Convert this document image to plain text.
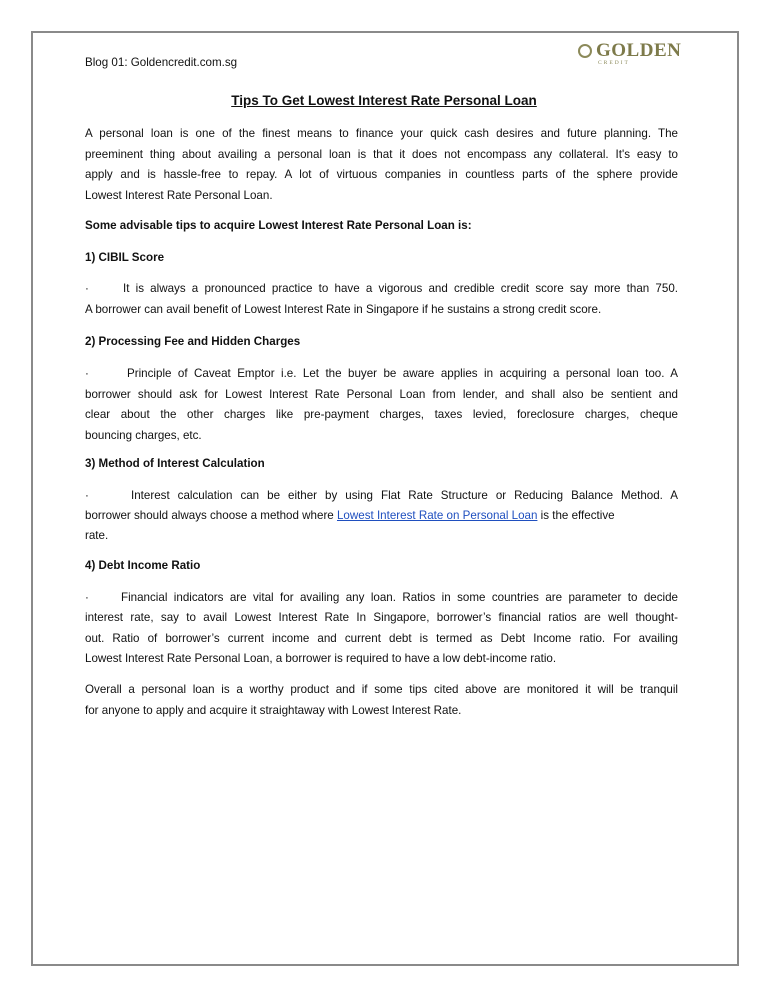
Blog 01: Goldencredit.com.sg
GOLDEN
CREDIT
Tips To Get Lowest Interest Rate Personal Loan
A personal loan is one of the finest means to finance your quick cash desires and future planning. The
preeminent thing about availing a personal loan is that it does not encompass any collateral. It's easy to
apply and is hassle-free to repay. A lot of virtuous companies in countless parts of the sphere provide
Lowest Interest Rate Personal Loan.
Some advisable tips to acquire Lowest Interest Rate Personal Loan is:
1) CIBIL Score
·	It is always a pronounced practice to have a vigorous and credible credit score say more than 750.
A borrower can avail benefit of Lowest Interest Rate in Singapore if he sustains a strong credit score.
2) Processing Fee and Hidden Charges
·	Principle of Caveat Emptor i.e. Let the buyer be aware applies in acquiring a personal loan too. A
borrower should ask for Lowest Interest Rate Personal Loan from lender, and shall also be sentient and
clear about the other charges like pre-payment charges, taxes levied, foreclosure charges, cheque
bouncing charges, etc.
3) Method of Interest Calculation
·	Interest calculation can be either by using Flat Rate Structure or Reducing Balance Method. A
borrower should always choose a method where Lowest Interest Rate on Personal Loan is the effective
rate.
4) Debt Income Ratio
·	Financial indicators are vital for availing any loan. Ratios in some countries are parameter to decide
interest rate, say to avail Lowest Interest Rate In Singapore, borrower’s financial ratios are well thought-
out. Ratio of borrower’s current income and current debt is termed as Debt Income ratio. For availing
Lowest Interest Rate Personal Loan, a borrower is required to have a low debt-income ratio.
Overall a personal loan is a worthy product and if some tips cited above are monitored it will be tranquil
for anyone to apply and acquire it straightaway with Lowest Interest Rate.
